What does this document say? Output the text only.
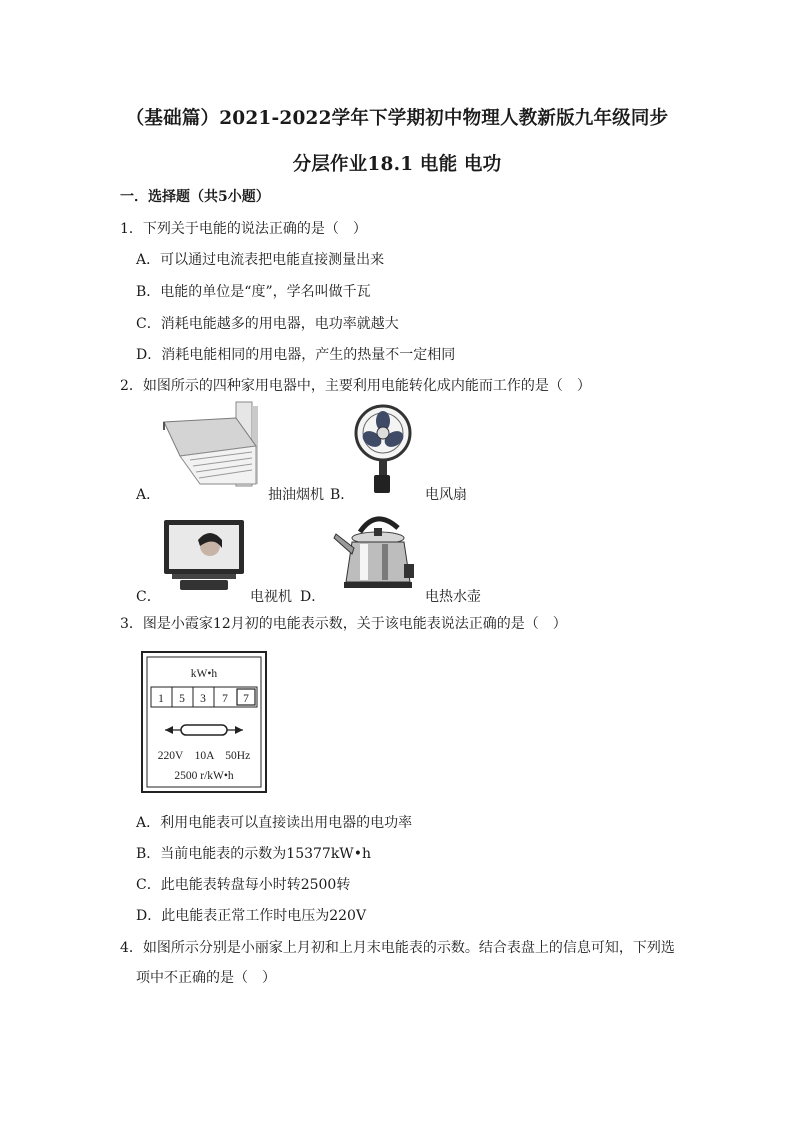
（基础篇）2021-2022学年下学期初中物理人教新版九年级同步
分层作业18.1 电能 电功
一．选择题（共5小题）
1．下列关于电能的说法正确的是（　）
A．可以通过电流表把电能直接测量出来
B．电能的单位是“度”，学名叫做千瓦
C．消耗电能越多的用电器，电功率就越大
D．消耗电能相同的用电器，产生的热量不一定相同
2．如图所示的四种家用电器中，主要利用电能转化成内能而工作的是（　）
A．	抽油烟机 B．	电风扇
C．	电视机 D．	电热水壶
3．图是小霞家12月初的电能表示数，关于该电能表说法正确的是（　）
kW•h
1 5 3 7 7
220V　10A　50Hz
2500 r/kW•h
A．利用电能表可以直接读出用电器的电功率
B．当前电能表的示数为15377kW•h
C．此电能表转盘每小时转2500转
D．此电能表正常工作时电压为220V
4．如图所示分别是小丽家上月初和上月末电能表的示数。结合表盘上的信息可知，下列选
项中不正确的是（　）
